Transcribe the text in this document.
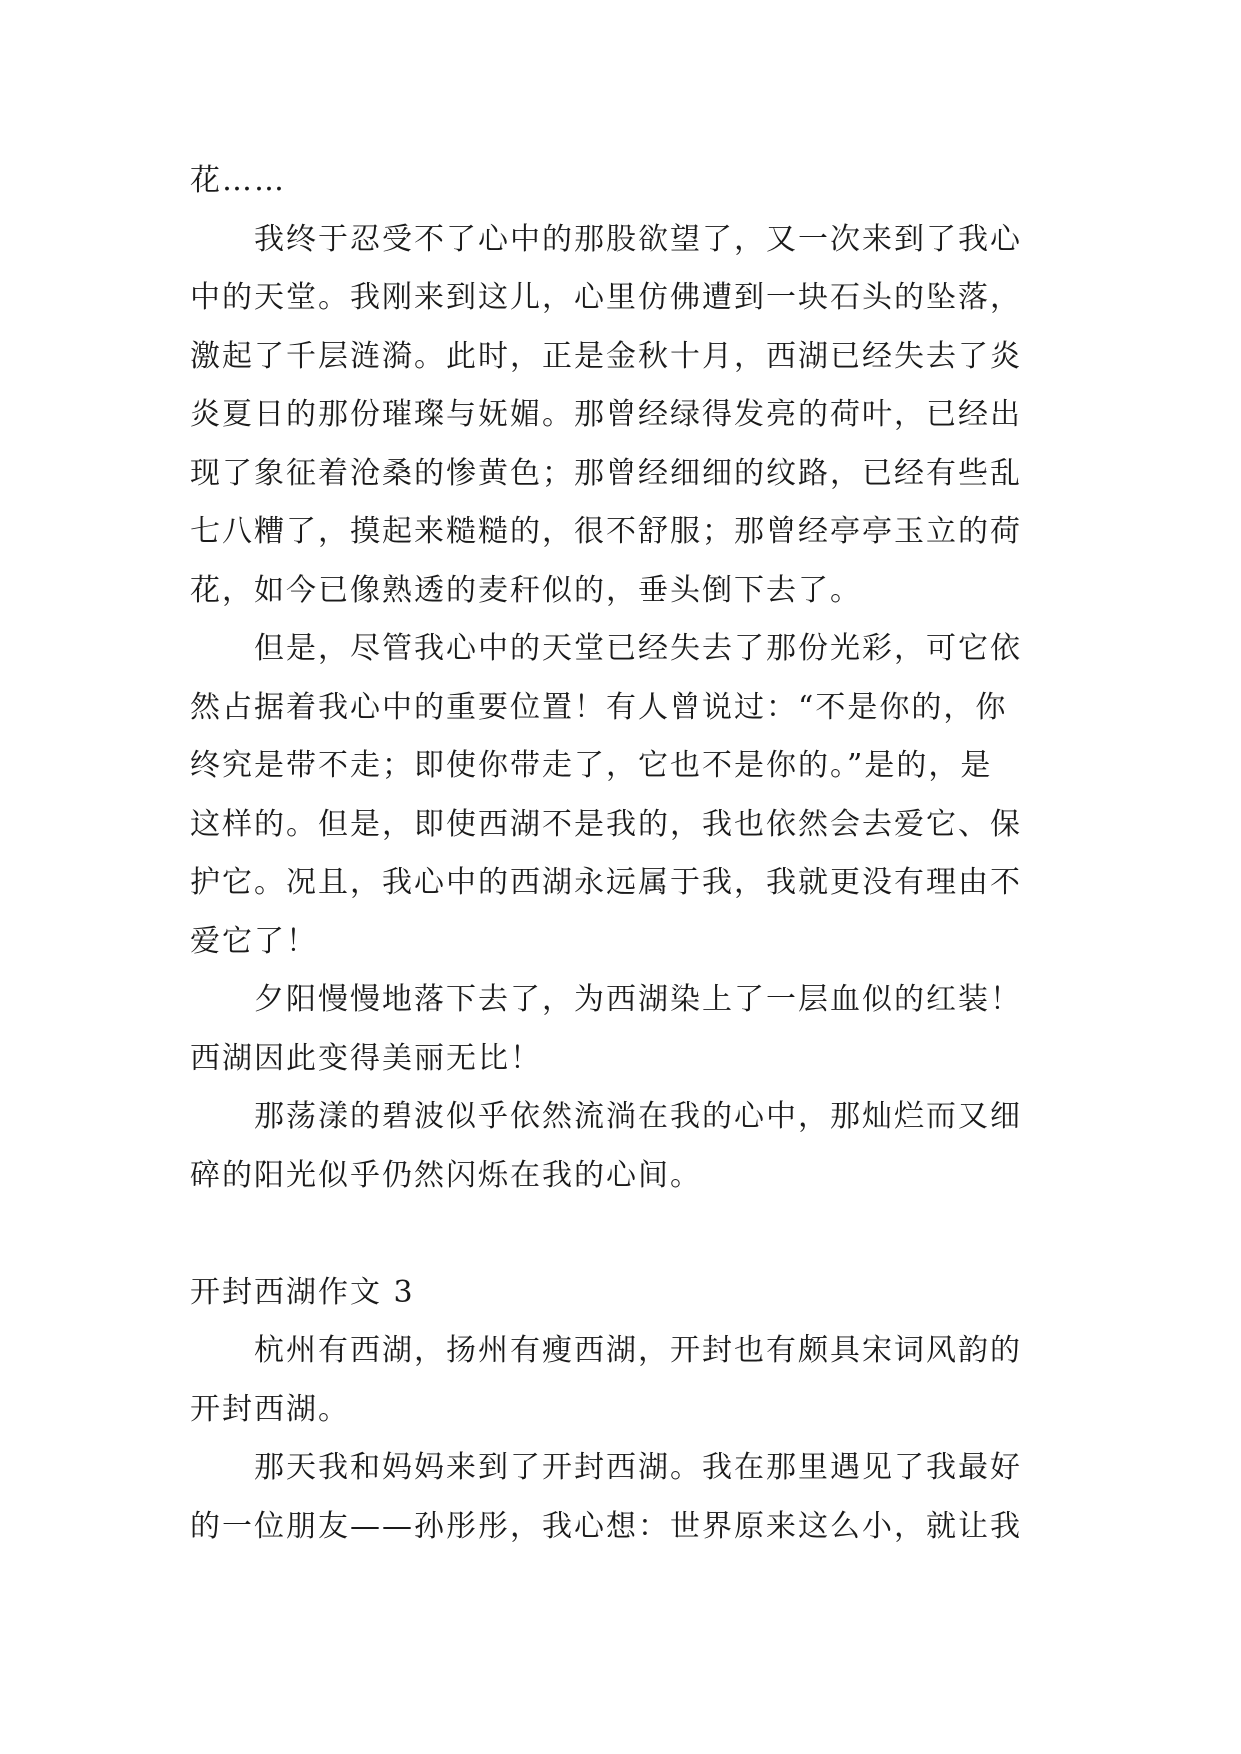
花……
我终于忍受不了心中的那股欲望了，又一次来到了我心
中的天堂。我刚来到这儿，心里仿佛遭到一块石头的坠落，
激起了千层涟漪。此时，正是金秋十月，西湖已经失去了炎
炎夏日的那份璀璨与妩媚。那曾经绿得发亮的荷叶，已经出
现了象征着沧桑的惨黄色；那曾经细细的纹路，已经有些乱
七八糟了，摸起来糙糙的，很不舒服；那曾经亭亭玉立的荷
花，如今已像熟透的麦秆似的，垂头倒下去了。
但是，尽管我心中的天堂已经失去了那份光彩，可它依
然占据着我心中的重要位置！有人曾说过：“不是你的，你
终究是带不走；即使你带走了，它也不是你的。”是的，是
这样的。但是，即使西湖不是我的，我也依然会去爱它、保
护它。况且，我心中的西湖永远属于我，我就更没有理由不
爱它了！
夕阳慢慢地落下去了，为西湖染上了一层血似的红装！
西湖因此变得美丽无比！
那荡漾的碧波似乎依然流淌在我的心中，那灿烂而又细
碎的阳光似乎仍然闪烁在我的心间。
开封西湖作文 3
杭州有西湖，扬州有瘦西湖，开封也有颇具宋词风韵的
开封西湖。
那天我和妈妈来到了开封西湖。我在那里遇见了我最好
的一位朋友——孙彤彤，我心想：世界原来这么小，就让我
